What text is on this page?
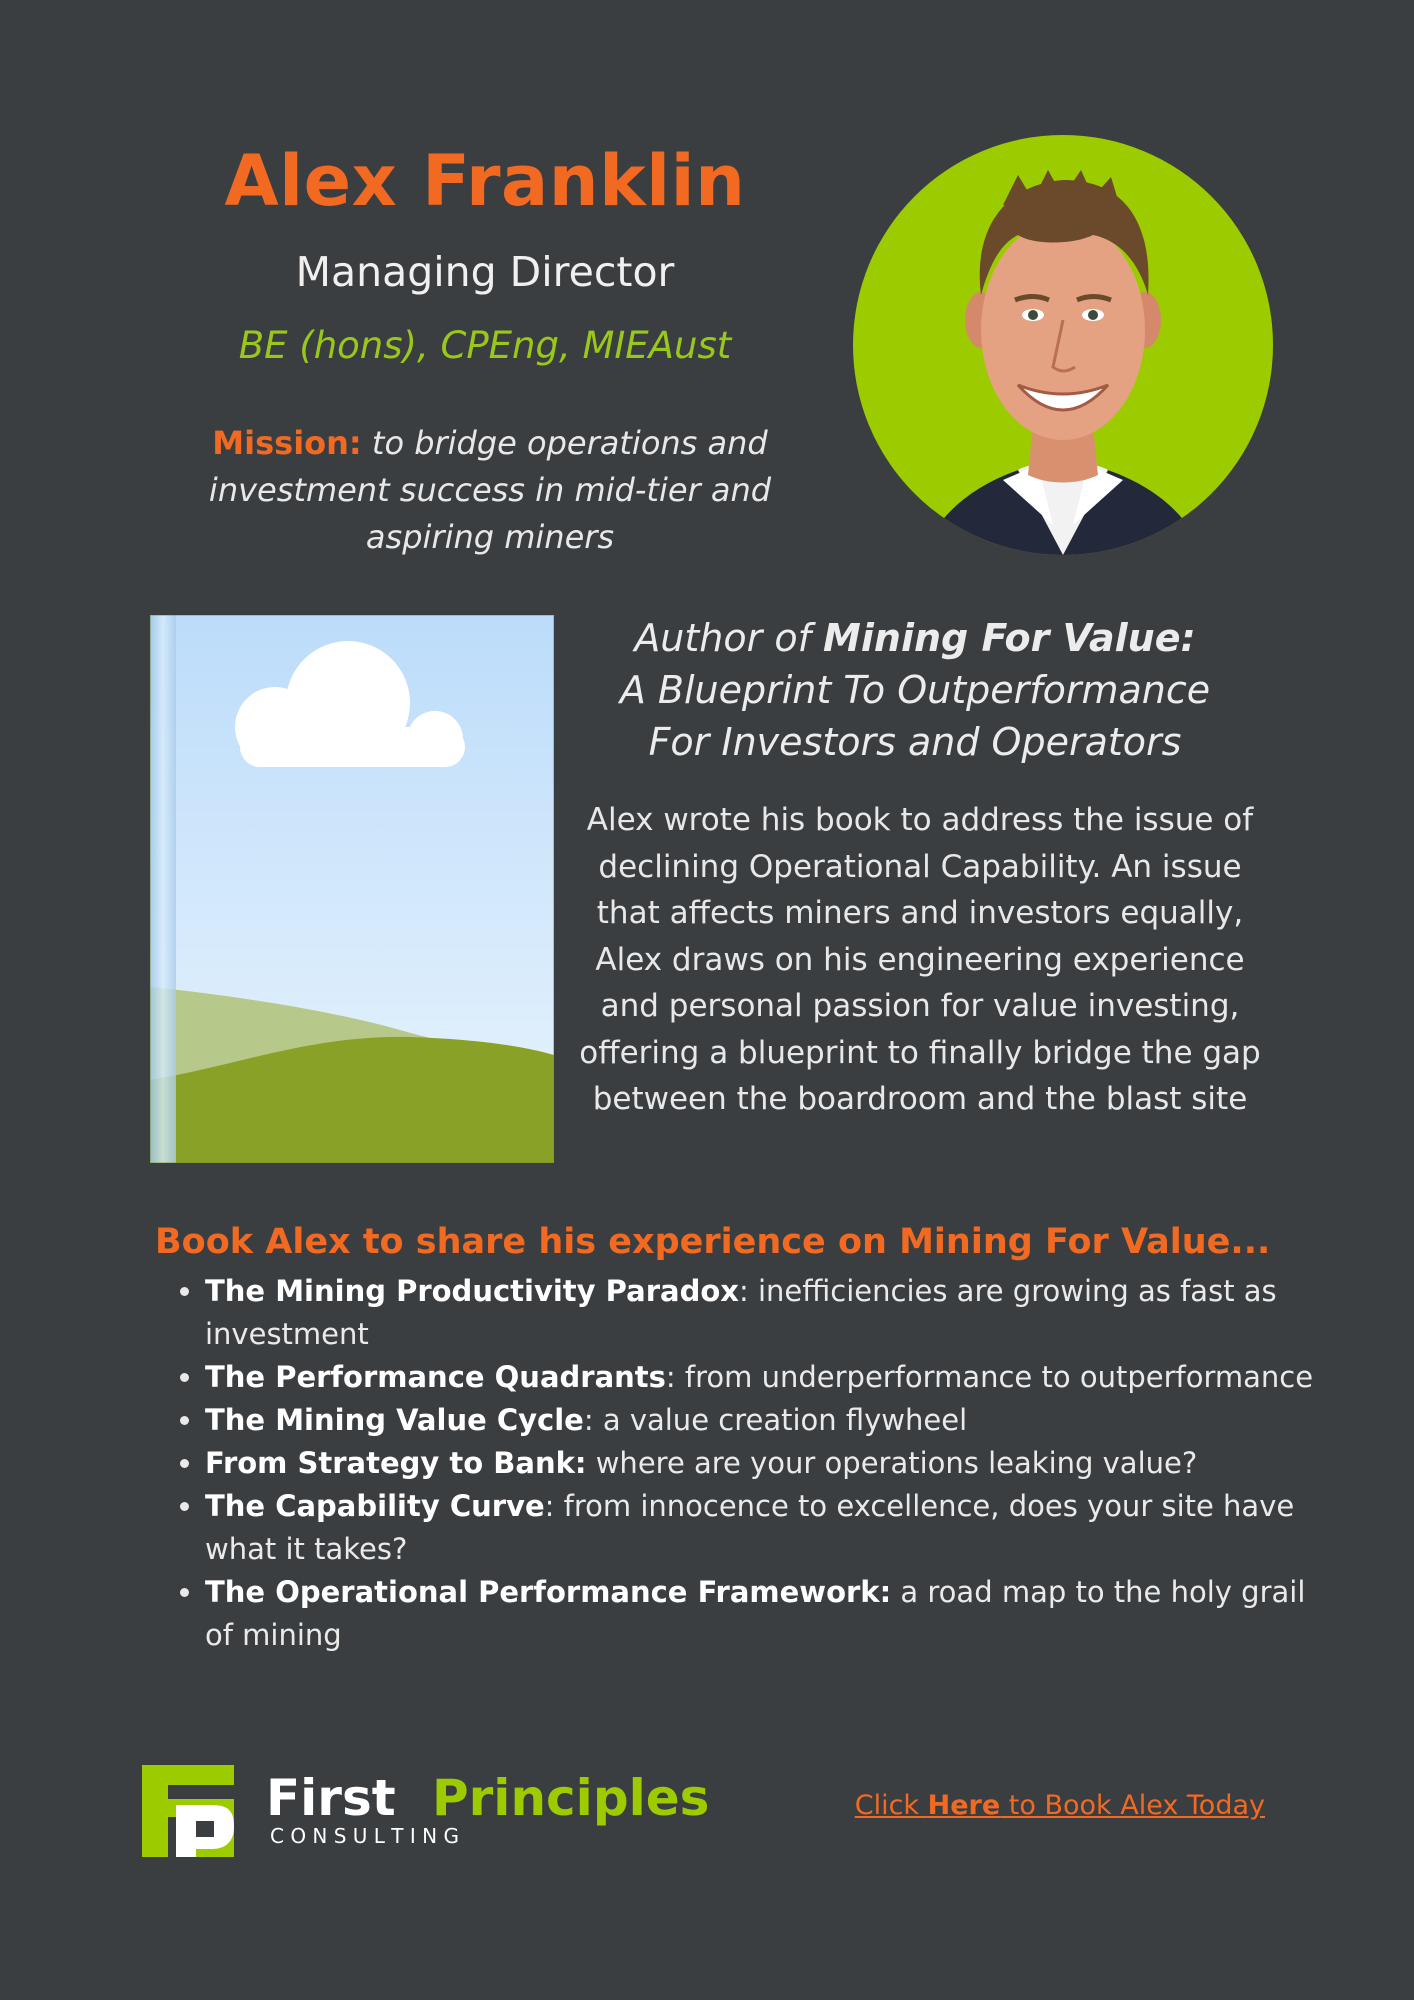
Alex Franklin
Managing Director
BE (hons), CPEng, MIEAust
Mission: to bridge operations and investment success in mid-tier and aspiring miners
Author of Mining For Value:
A Blueprint To Outperformance
For Investors and Operators
Alex wrote his book to address the issue of declining Operational Capability. An issue that affects miners and investors equally, Alex draws on his engineering experience and personal passion for value investing, offering a blueprint to finally bridge the gap between the boardroom and the blast site
Book Alex to share his experience on Mining For Value...
• The Mining Productivity Paradox: inefficiencies are growing as fast as investment
• The Performance Quadrants: from underperformance to outperformance
• The Mining Value Cycle: a value creation flywheel
• From Strategy to Bank: where are your operations leaking value?
• The Capability Curve: from innocence to excellence, does your site have what it takes?
• The Operational Performance Framework: a road map to the holy grail of mining
First Principles
C O N S U L T I N G
Click Here to Book Alex Today
